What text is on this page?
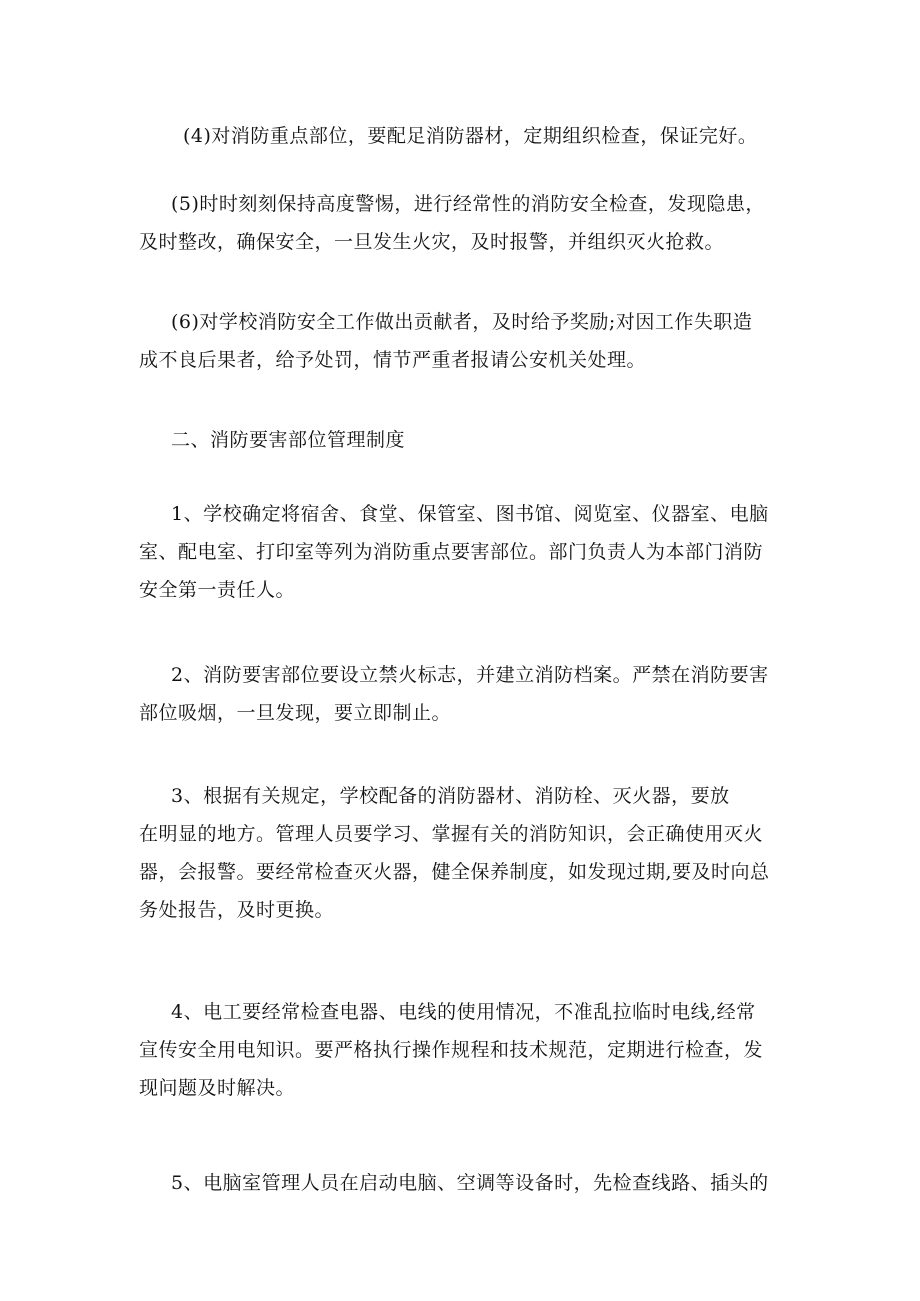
(4)对消防重点部位，要配足消防器材，定期组织检查，保证完好。

(5)时时刻刻保持高度警惕，进行经常性的消防安全检查，发现隐患，
及时整改，确保安全，一旦发生火灾，及时报警，并组织灭火抢救。

(6)对学校消防安全工作做出贡献者，及时给予奖励;对因工作失职造
成不良后果者，给予处罚，情节严重者报请公安机关处理。

二、消防要害部位管理制度

1、学校确定将宿舍、食堂、保管室、图书馆、阅览室、仪器室、电脑
室、配电室、打印室等列为消防重点要害部位。部门负责人为本部门消防
安全第一责任人。

2、消防要害部位要设立禁火标志，并建立消防档案。严禁在消防要害
部位吸烟，一旦发现，要立即制止。

3、根据有关规定，学校配备的消防器材、消防栓、灭火器，要放
在明显的地方。管理人员要学习、掌握有关的消防知识，会正确使用灭火
器，会报警。要经常检查灭火器，健全保养制度，如发现过期,要及时向总
务处报告，及时更换。

4、电工要经常检查电器、电线的使用情况，不准乱拉临时电线,经常
宣传安全用电知识。要严格执行操作规程和技术规范，定期进行检查，发
现问题及时解决。

5、电脑室管理人员在启动电脑、空调等设备时，先检查线路、插头的
